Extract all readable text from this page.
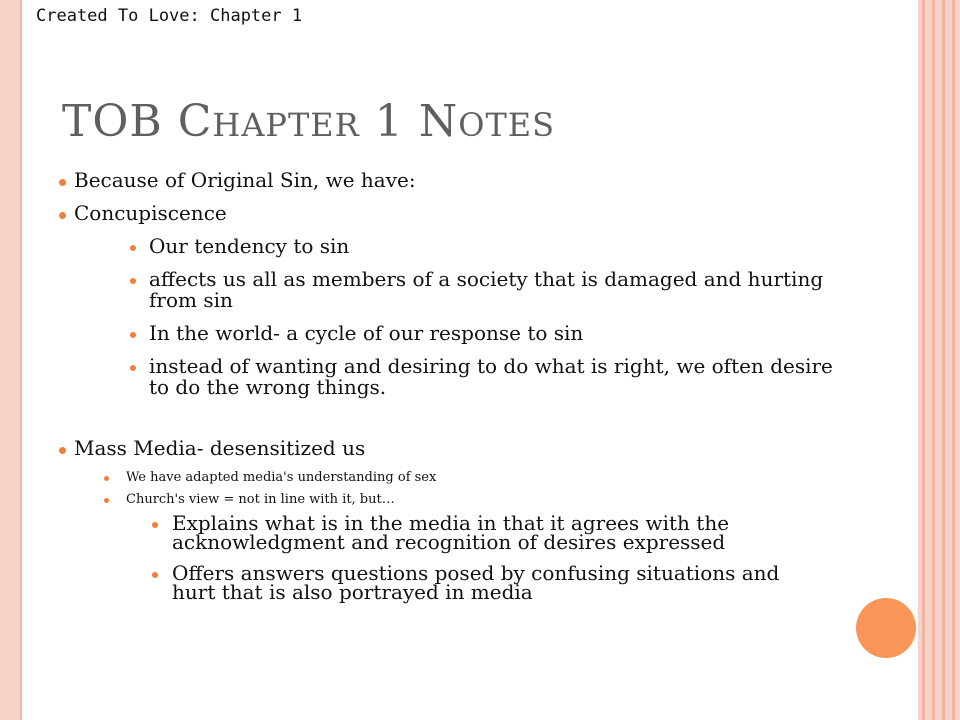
Created To Love: Chapter 1
TOB CHAPTER 1 NOTES
Because of Original Sin, we have:
Concupiscence
Our tendency to sin
affects us all as members of a society that is damaged and hurting from sin
In the world- a cycle of our response to sin
instead of wanting and desiring to do what is right, we often desire to do the wrong things.
Mass Media- desensitized us
We have adapted media's understanding of sex
Church's view = not in line with it, but…
Explains what is in the media in that it agrees with the acknowledgment and recognition of desires expressed
Offers answers questions posed by confusing situations and hurt that is also portrayed in media
